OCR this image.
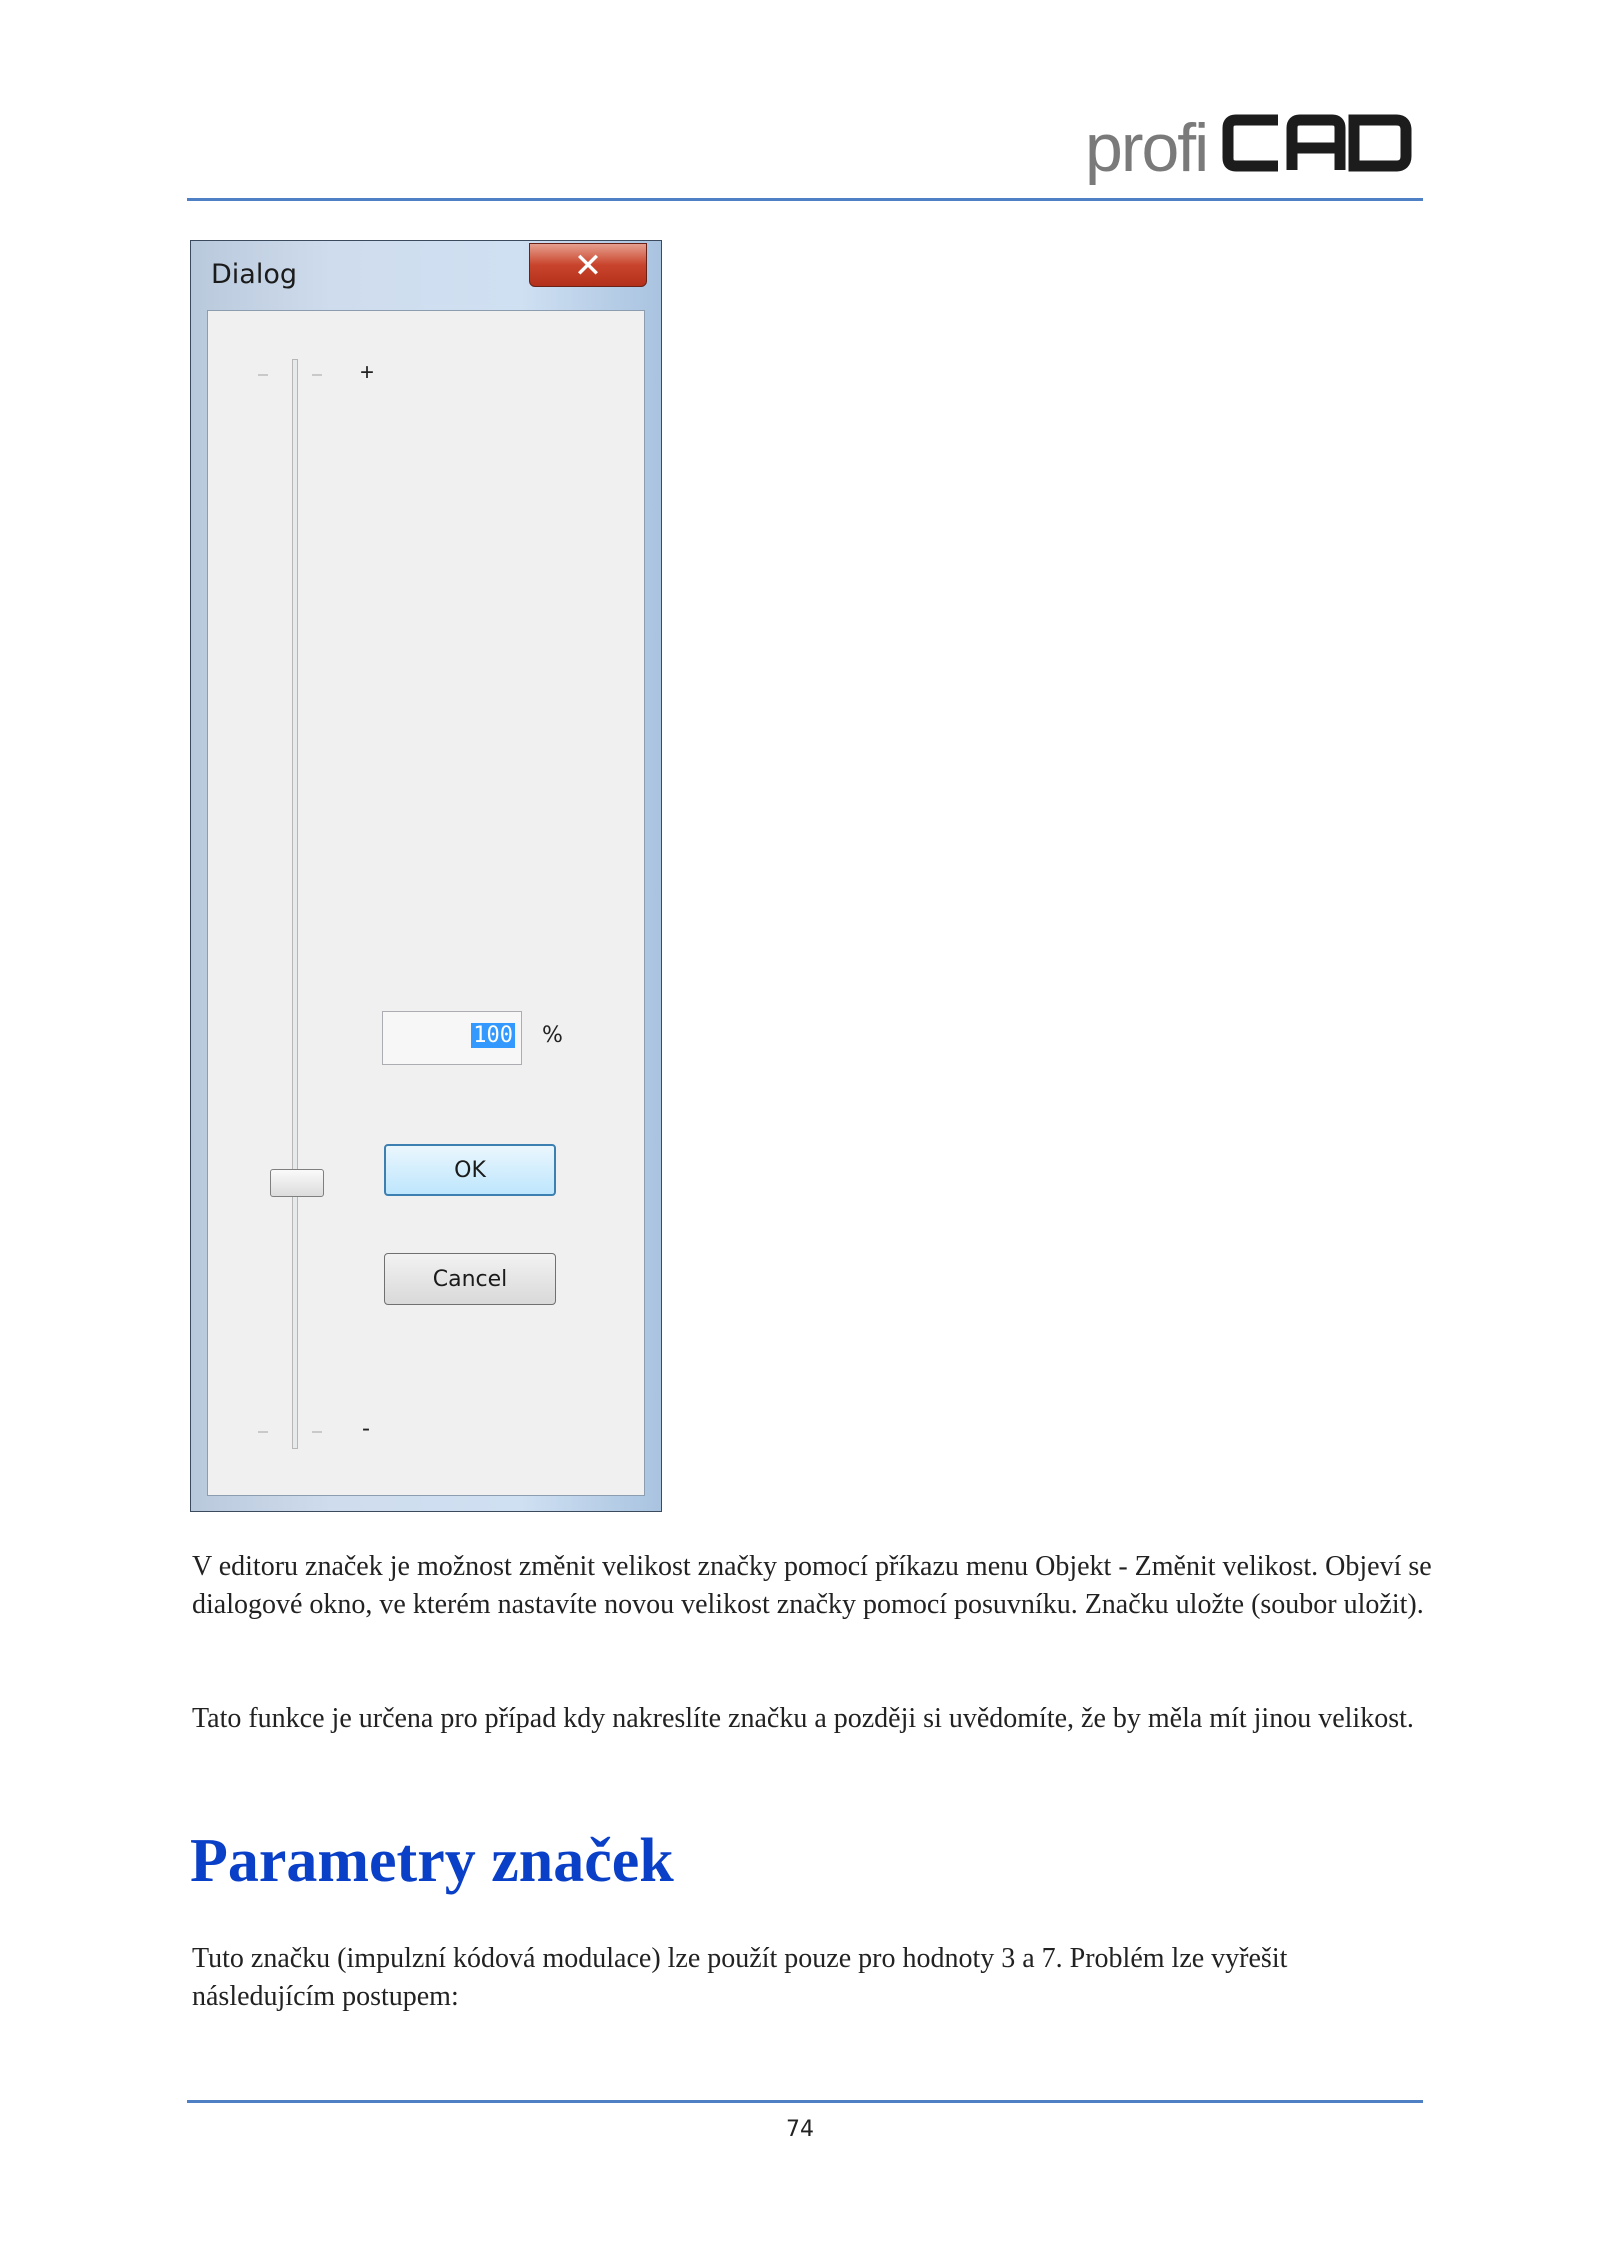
profi
Dialog	✕
+
-
100 %
OK
Cancel

V editoru značek je možnost změnit velikost značky pomocí příkazu menu Objekt - Změnit velikost. Objeví se dialogové okno, ve kterém nastavíte novou velikost značky pomocí posuvníku. Značku uložte (soubor uložit).

Tato funkce je určena pro případ kdy nakreslíte značku a později si uvědomíte, že by měla mít jinou velikost.

Parametry značek

Tuto značku (impulzní kódová modulace) lze použít pouze pro hodnoty 3 a 7. Problém lze vyřešit následujícím postupem:

74
